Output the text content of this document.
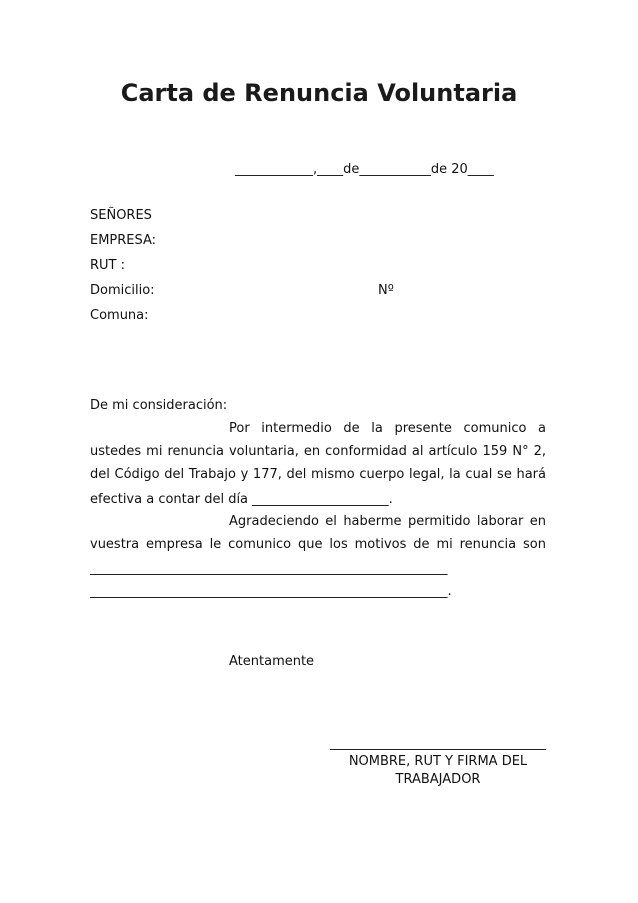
Carta de Renuncia Voluntaria
____________,____de___________de 20____
SEÑORES
EMPRESA:
RUT :
Domicilio:	Nº
Comuna:
De mi consideración:
Por intermedio de la presente comunico a
ustedes mi renuncia voluntaria, en conformidad al artículo 159 N° 2,
del Código del Trabajo y 177, del mismo cuerpo legal, la cual se hará
efectiva a contar del día _____________________.
Agradeciendo el haberme permitido laborar en
vuestra empresa le comunico que los motivos de mi renuncia son
_______________________________________________________
_______________________________________________________.
Atentamente
NOMBRE, RUT Y FIRMA DEL
TRABAJADOR
